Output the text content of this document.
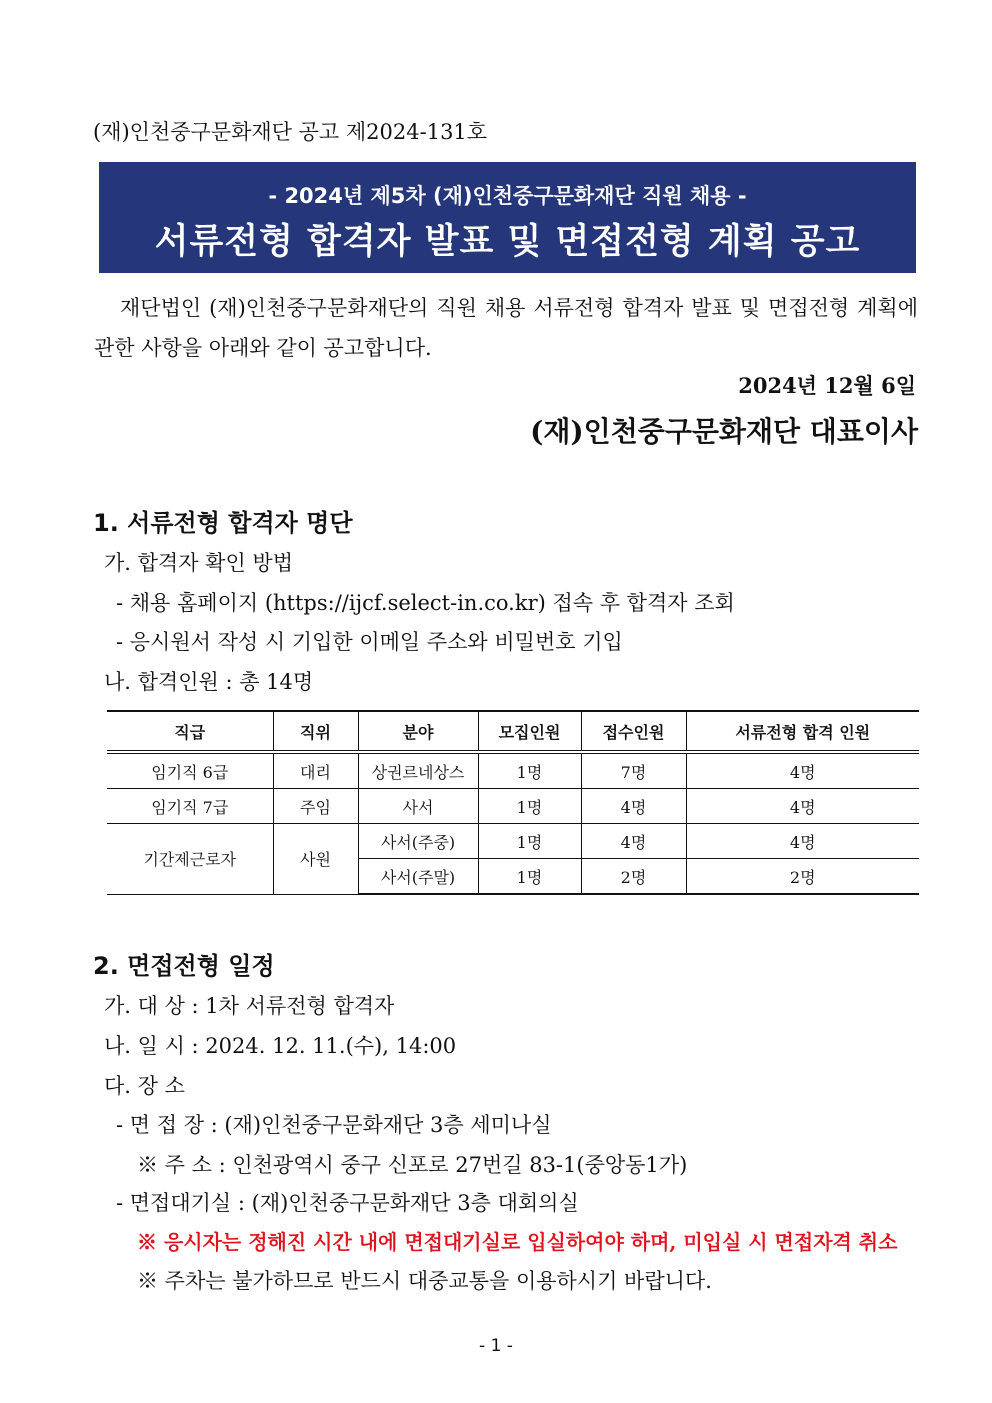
(재)인천중구문화재단 공고 제2024-131호
- 2024년 제5차 (재)인천중구문화재단 직원 채용 -
서류전형 합격자 발표 및 면접전형 계획 공고
재단법인 (재)인천중구문화재단의 직원 채용 서류전형 합격자 발표 및 면접전형 계획에 관한 사항을 아래와 같이 공고합니다.
2024년 12월 6일
(재)인천중구문화재단 대표이사
1. 서류전형 합격자 명단
가. 합격자 확인 방법
- 채용 홈페이지 (https://ijcf.select-in.co.kr) 접속 후 합격자 조회
- 응시원서 작성 시 기입한 이메일 주소와 비밀번호 기입
나. 합격인원 : 총 14명
직급	직위	분야	모집인원	접수인원	서류전형 합격 인원
임기직 6급	대리	상권르네상스	1명	7명	4명
임기직 7급	주임	사서	1명	4명	4명
기간제근로자	사원	사서(주중)	1명	4명	4명
		사서(주말)	1명	2명	2명
2. 면접전형 일정
가. 대 상 : 1차 서류전형 합격자
나. 일 시 : 2024. 12. 11.(수), 14:00
다. 장 소
- 면 접 장 : (재)인천중구문화재단 3층 세미나실
※ 주 소 : 인천광역시 중구 신포로 27번길 83-1(중앙동1가)
- 면접대기실 : (재)인천중구문화재단 3층 대회의실
※ 응시자는 정해진 시간 내에 면접대기실로 입실하여야 하며, 미입실 시 면접자격 취소
※ 주차는 불가하므로 반드시 대중교통을 이용하시기 바랍니다.
- 1 -
